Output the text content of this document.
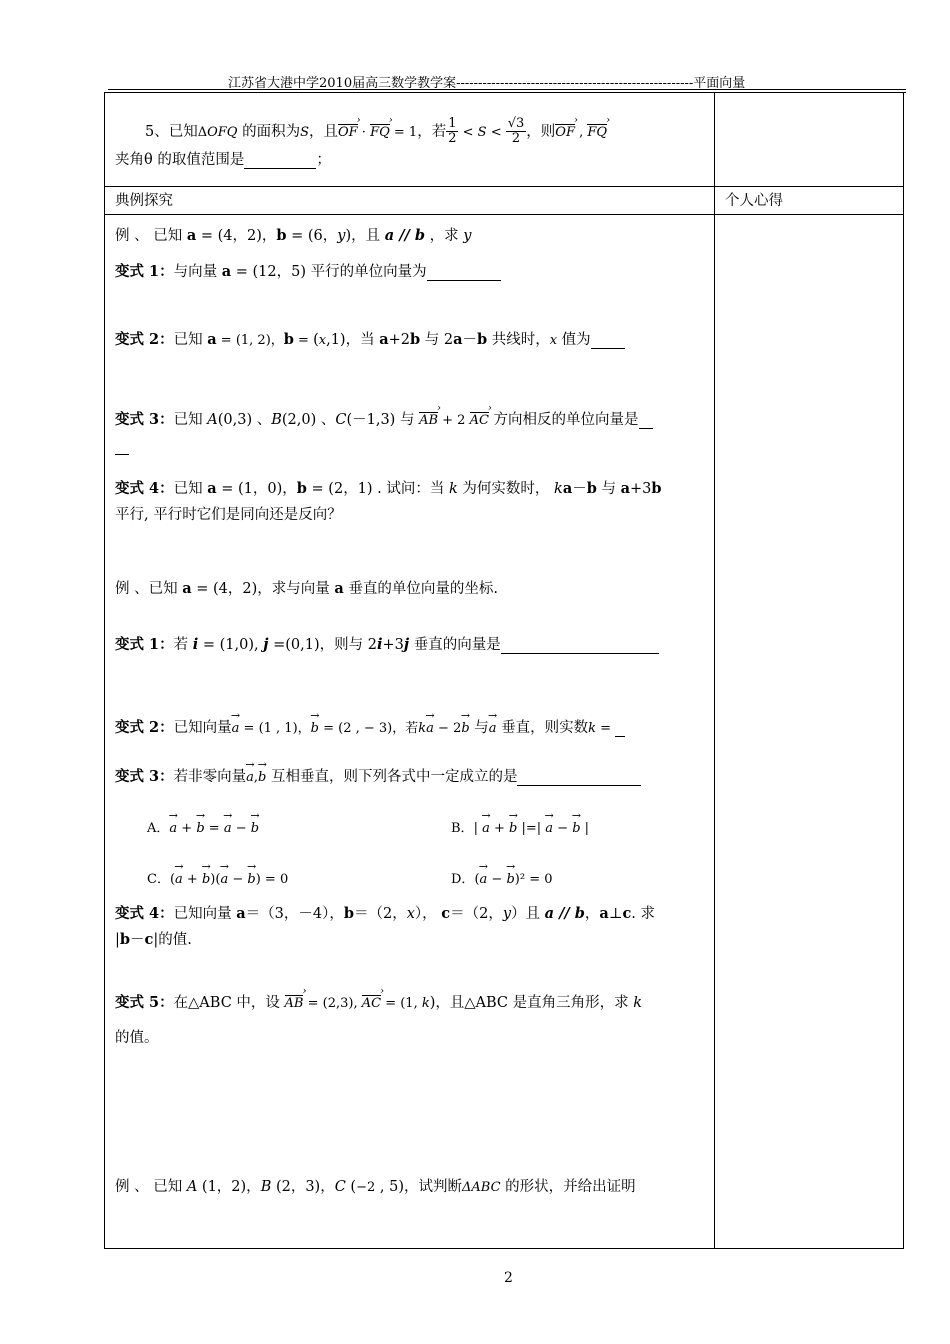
江苏省大港中学2010届高三数学教学案------------------------------------------------------平面向量
5、已知ΔOFQ 的面积为S，且OF › · FQ › = 1，若 $\frac{1}{2} < S < \frac{√3}{2}$ ，则OF › , FQ ›
夹角θ 的取值范围是	；
典例探究	个人心得
例 、 已知 a = (4，2)，b = (6，y)，且 a // b ，求 y
变式 1：与向量 a = (12，5) 平行的单位向量为
变式 2：已知 a = (1, 2)，b = (x,1)，当 a+2b 与 2a－b 共线时，x 值为
变式 3：已知 A(0,3) 、B(2,0) 、C(－1,3) 与 AB › + 2 AC › 方向相反的单位向量是

变式 4：已知 a = (1，0)，b = (2，1) . 试问：当 k 为何实数时， ka－b 与 a+3b
平行, 平行时它们是同向还是反向？
例 、已知 a = (4，2)，求与向量 a 垂直的单位向量的坐标.
变式 1：若 i = (1,0), j =(0,1)，则与 2i+3j 垂直的向量是
变式 2：已知向量→ a = (1 , 1)，→ b = (2 , − 3)，若k→ a − 2→ b 与→ a 垂直，则实数k =
变式 3：若非零向量→ a,→ b 互相垂直，则下列各式中一定成立的是
A．→ a + → b = → a − → b	B．| → a + → b |=| → a − → b |
C．(→ a + → b)(→ a − → b) = 0	D．(→ a − → b)² = 0
变式 4：已知向量 a＝（3，－4），b＝（2，x）， c＝（2，y）且 a // b，a⊥c. 求
|b－c|的值.
变式 5：在△ABC 中，设 AB › = (2,3), AC › = (1, k)，且△ABC 是直角三角形，求 k
的值。
例 、 已知 A (1，2)，B (2，3)，C (−2 , 5)，试判断ΔABC 的形状，并给出证明
2
